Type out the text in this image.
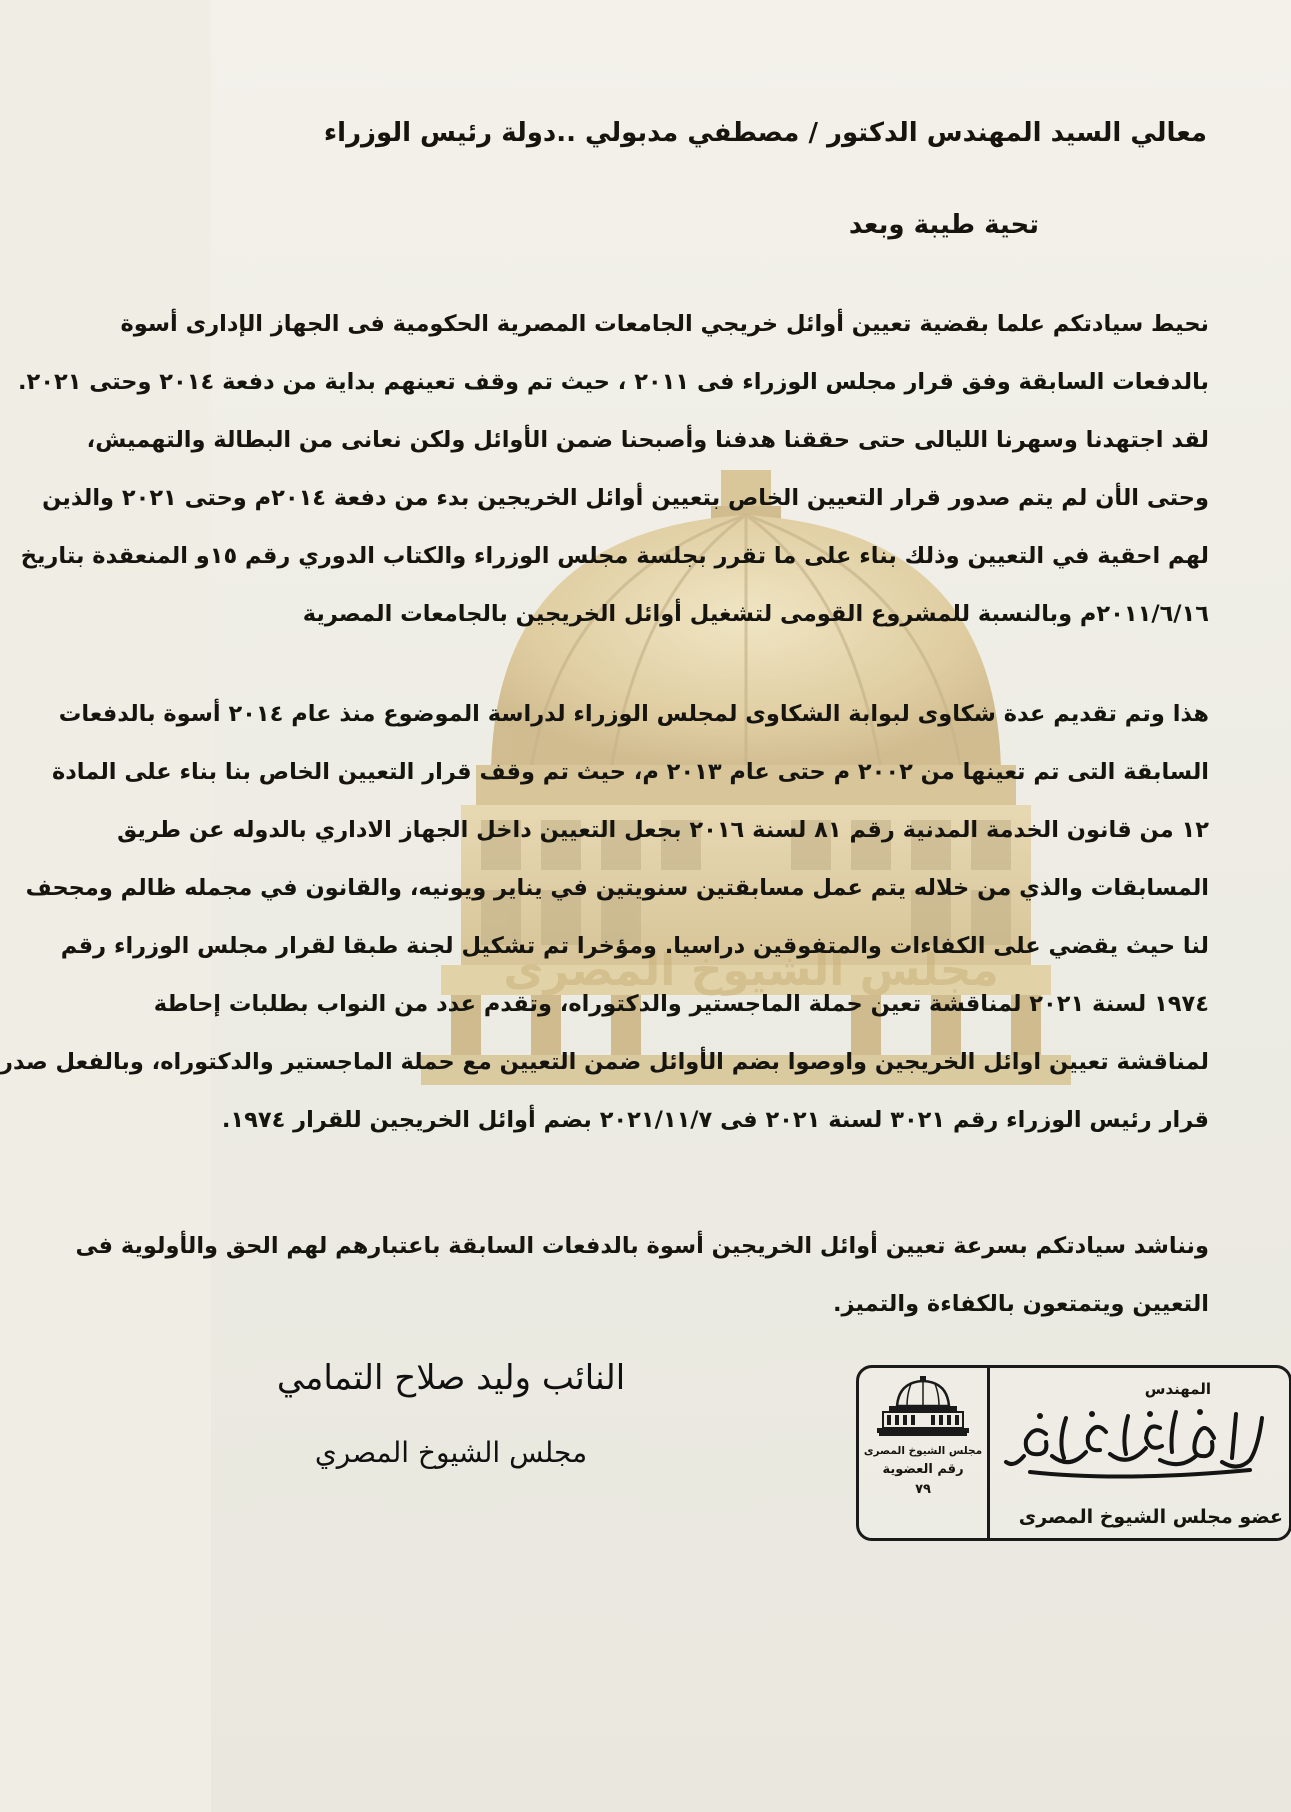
مجلس الشيوخ المصرى
معالي السيد المهندس الدكتور / مصطفي مدبولي ..دولة رئيس الوزراء
تحية طيبة وبعد
نحيط سيادتكم علما بقضية تعيين أوائل خريجي الجامعات المصرية الحكومية فى الجهاز الإدارى أسوة
بالدفعات السابقة وفق قرار مجلس الوزراء فى ٢٠١١ ، حيث تم وقف تعينهم بداية من دفعة ٢٠١٤ وحتى ٢٠٢١.
لقد اجتهدنا وسهرنا الليالى حتى حققنا هدفنا وأصبحنا ضمن الأوائل ولكن نعانى من البطالة والتهميش،
وحتى الأن لم يتم صدور قرار التعيين الخاص بتعيين أوائل الخريجين بدء من دفعة ٢٠١٤م وحتى ٢٠٢١ والذين
لهم احقية في التعيين وذلك بناء على ما تقرر بجلسة مجلس الوزراء والكتاب الدوري رقم ١٥و المنعقدة بتاريخ
٢٠١١/٦/١٦م وبالنسبة للمشروع القومى لتشغيل أوائل الخريجين بالجامعات المصرية
هذا وتم تقديم عدة شكاوى لبوابة الشكاوى لمجلس الوزراء لدراسة الموضوع منذ عام ٢٠١٤ أسوة بالدفعات
السابقة التى تم تعينها من ٢٠٠٢ م حتى عام ٢٠١٣ م، حيث تم وقف قرار التعيين الخاص بنا بناء على المادة
١٢ من قانون الخدمة المدنية رقم ٨١ لسنة ٢٠١٦ بجعل التعيين داخل الجهاز الاداري بالدوله عن طريق
المسابقات والذي من خلاله يتم عمل مسابقتين سنويتين في يناير ويونيه، والقانون في مجمله ظالم ومجحف
لنا حيث يقضي على الكفاءات والمتفوقين دراسيا. ومؤخرا تم تشكيل لجنة طبقا لقرار مجلس الوزراء رقم
١٩٧٤ لسنة ٢٠٢١ لمناقشة تعين حملة الماجستير والدكتوراه، وتقدم عدد من النواب بطلبات إحاطة
لمناقشة تعيين اوائل الخريجين واوصوا بضم الأوائل ضمن التعيين مع حملة الماجستير والدكتوراه، وبالفعل صدر
قرار رئيس الوزراء رقم ٣٠٢١ لسنة ٢٠٢١ فى ٢٠٢١/١١/٧ بضم أوائل الخريجين للقرار ١٩٧٤.
ونناشد سيادتكم بسرعة تعيين أوائل الخريجين أسوة بالدفعات السابقة باعتبارهم لهم الحق والأولوية فى
التعيين ويتمتعون بالكفاءة والتميز.
النائب وليد صلاح التمامي
مجلس الشيوخ المصري	مجلس الشيوخ المصرى
رقم العضوية
٧٩
المهندس
عضو مجلس الشيوخ المصرى
